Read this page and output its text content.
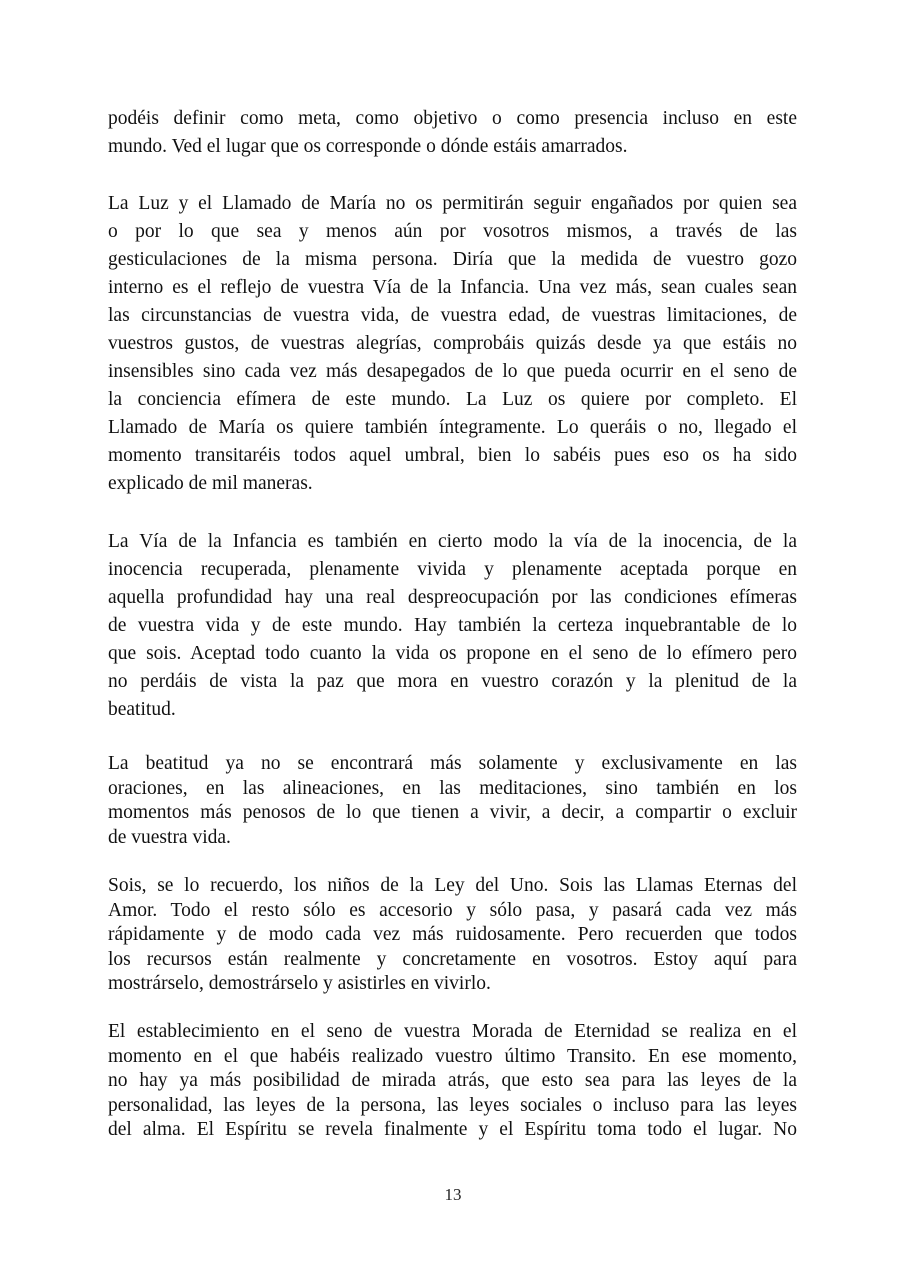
podéis definir como meta, como objetivo o como presencia incluso en este
mundo. Ved el lugar que os corresponde o dónde estáis amarrados.
La Luz y el Llamado de María no os permitirán seguir engañados por quien sea
o por lo que sea y menos aún por vosotros mismos, a través de las
gesticulaciones de la misma persona. Diría que la medida de vuestro gozo
interno es el reflejo de vuestra Vía de la Infancia. Una vez más, sean cuales sean
las circunstancias de vuestra vida, de vuestra edad, de vuestras limitaciones, de
vuestros gustos, de vuestras alegrías, comprobáis quizás desde ya que estáis no
insensibles sino cada vez más desapegados de lo que pueda ocurrir en el seno de
la conciencia efímera de este mundo. La Luz os quiere por completo. El
Llamado de María os quiere también íntegramente. Lo queráis o no, llegado el
momento transitaréis todos aquel umbral, bien lo sabéis pues eso os ha sido
explicado de mil maneras.
La Vía de la Infancia es también en cierto modo la vía de la inocencia, de la
inocencia recuperada, plenamente vivida y plenamente aceptada porque en
aquella profundidad hay una real despreocupación por las condiciones efímeras
de vuestra vida y de este mundo. Hay también la certeza inquebrantable de lo
que sois. Aceptad todo cuanto la vida os propone en el seno de lo efímero pero
no perdáis de vista la paz que mora en vuestro corazón y la plenitud de la
beatitud.
La beatitud ya no se encontrará más solamente y exclusivamente en las
oraciones, en las alineaciones, en las meditaciones, sino también en los
momentos más penosos de lo que tienen a vivir, a decir, a compartir o excluir
de vuestra vida.
Sois, se lo recuerdo, los niños de la Ley del Uno. Sois las Llamas Eternas del
Amor. Todo el resto sólo es accesorio y sólo pasa, y pasará cada vez más
rápidamente y de modo cada vez más ruidosamente. Pero recuerden que todos
los recursos están realmente y concretamente en vosotros. Estoy aquí para
mostrárselo, demostrárselo y asistirles en vivirlo.
El establecimiento en el seno de vuestra Morada de Eternidad se realiza en el
momento en el que habéis realizado vuestro último Transito. En ese momento,
no hay ya más posibilidad de mirada atrás, que esto sea para las leyes de la
personalidad, las leyes de la persona, las leyes sociales o incluso para las leyes
del alma. El Espíritu se revela finalmente y el Espíritu toma todo el lugar. No
13
